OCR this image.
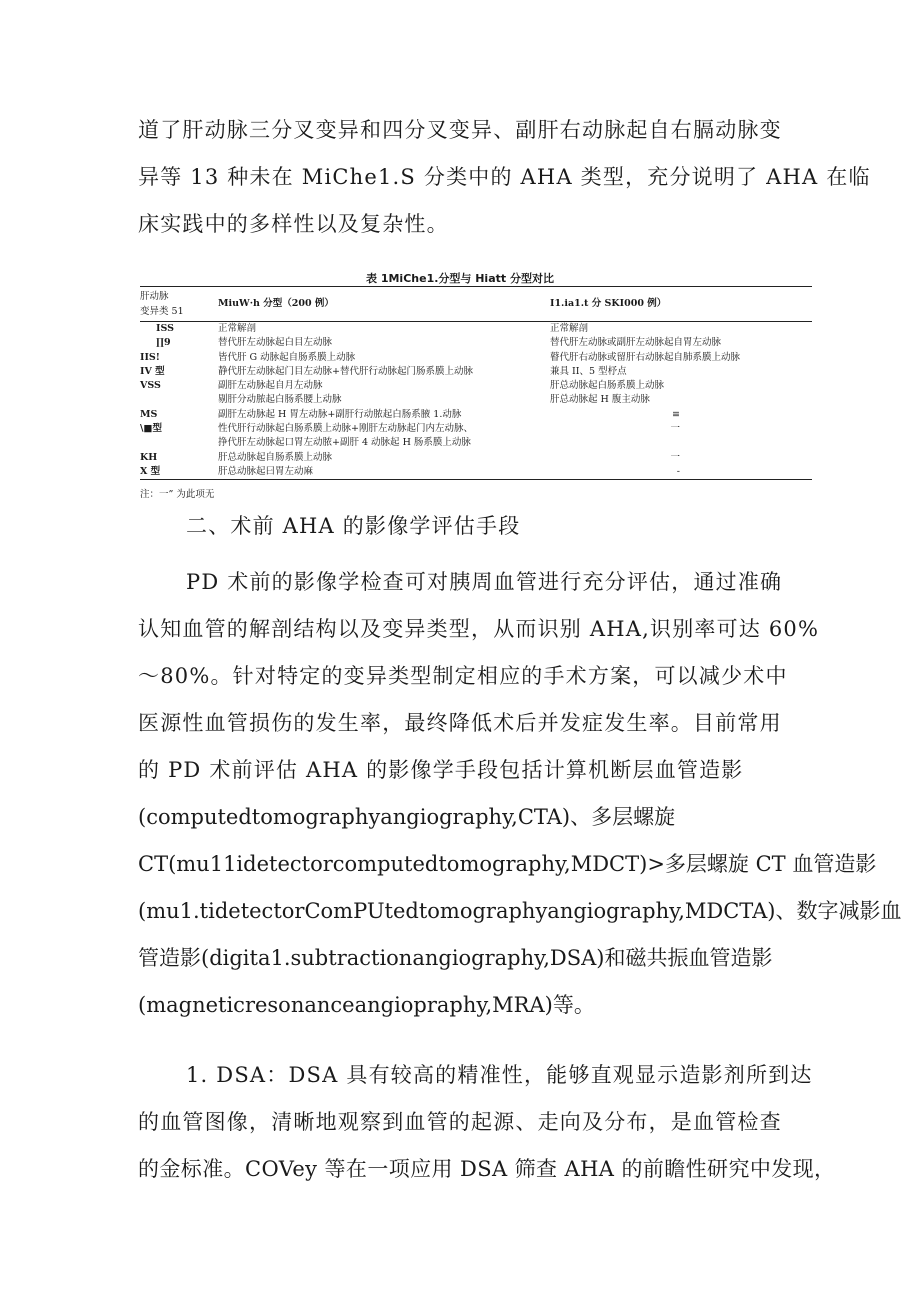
道了肝动脉三分叉变异和四分叉变异、副肝右动脉起自右膈动脉变
异等 13 种未在 MiChe1.S 分类中的 AHA 类型，充分说明了 AHA 在临
床实践中的多样性以及复杂性。
表 1MiChe1.分型与 Hiatt 分型对比
肝动脉
变异类 51	MiuW·h 分型（200 例）	I1.ia1.t 分 SKI000 例）
ISS	正常解剖	正常解剖
∏9	替代肝左动脉起白目左动脉	替代肝左动脉或副肝左动脉起自胃左动脉
IIS!	皆代肝 G 动脉起自肠系膜上动脉	瞽代肝右动脉或留肝右动脉起自肺系膜上动脉
IV 型	静代肝左动脉起门目左动脉+替代肝行动脉起门肠系膜上动脉	兼具 II、5 型杼点
VSS	副肝左动脉起自月左动脉	肝总动脉起白肠系膜上动脉
	剔肝分动脓起白肠系腰上动脉	肝总动脉起 H 腹主动脉
MS	副肝左动脉起 H 胃左动脉+副肝行动脓起白肠系腋 1.动脉	≡
\■型	性代肝行动脉起白肠系膜上动脉+刚肝左动脉起门内左动脉、	一
	挣代肝左动脉起口胃左动脓+副肝 4 动脉起 H 肠系膜上动脉	
KH	肝总动脉起自肠系膜上动脉	一
X 型	肝总动脉起曰胃左动麻	-
注：一” 为此项无
二、术前 AHA 的影像学评估手段
PD 术前的影像学检查可对胰周血管进行充分评估，通过准确
认知血管的解剖结构以及变异类型，从而识别 AHA,识别率可达 60%
～80%。针对特定的变异类型制定相应的手术方案，可以减少术中
医源性血管损伤的发生率，最终降低术后并发症发生率。目前常用
的 PD 术前评估 AHA 的影像学手段包括计算机断层血管造影
(computedtomographyangiography,CTA)、多层螺旋
CT(mu11idetectorcomputedtomography,MDCT)>多层螺旋 CT 血管造影
(mu1.tidetectorComPUtedtomographyangiography,MDCTA)、数字减影血
管造影(digita1.subtractionangiography,DSA)和磁共振血管造影
(magneticresonanceangiopraphy,MRA)等。
1. DSA：DSA 具有较高的精准性，能够直观显示造影剂所到达
的血管图像，清晰地观察到血管的起源、走向及分布，是血管检查
的金标准。COVey 等在一项应用 DSA 筛查 AHA 的前瞻性研究中发现，
